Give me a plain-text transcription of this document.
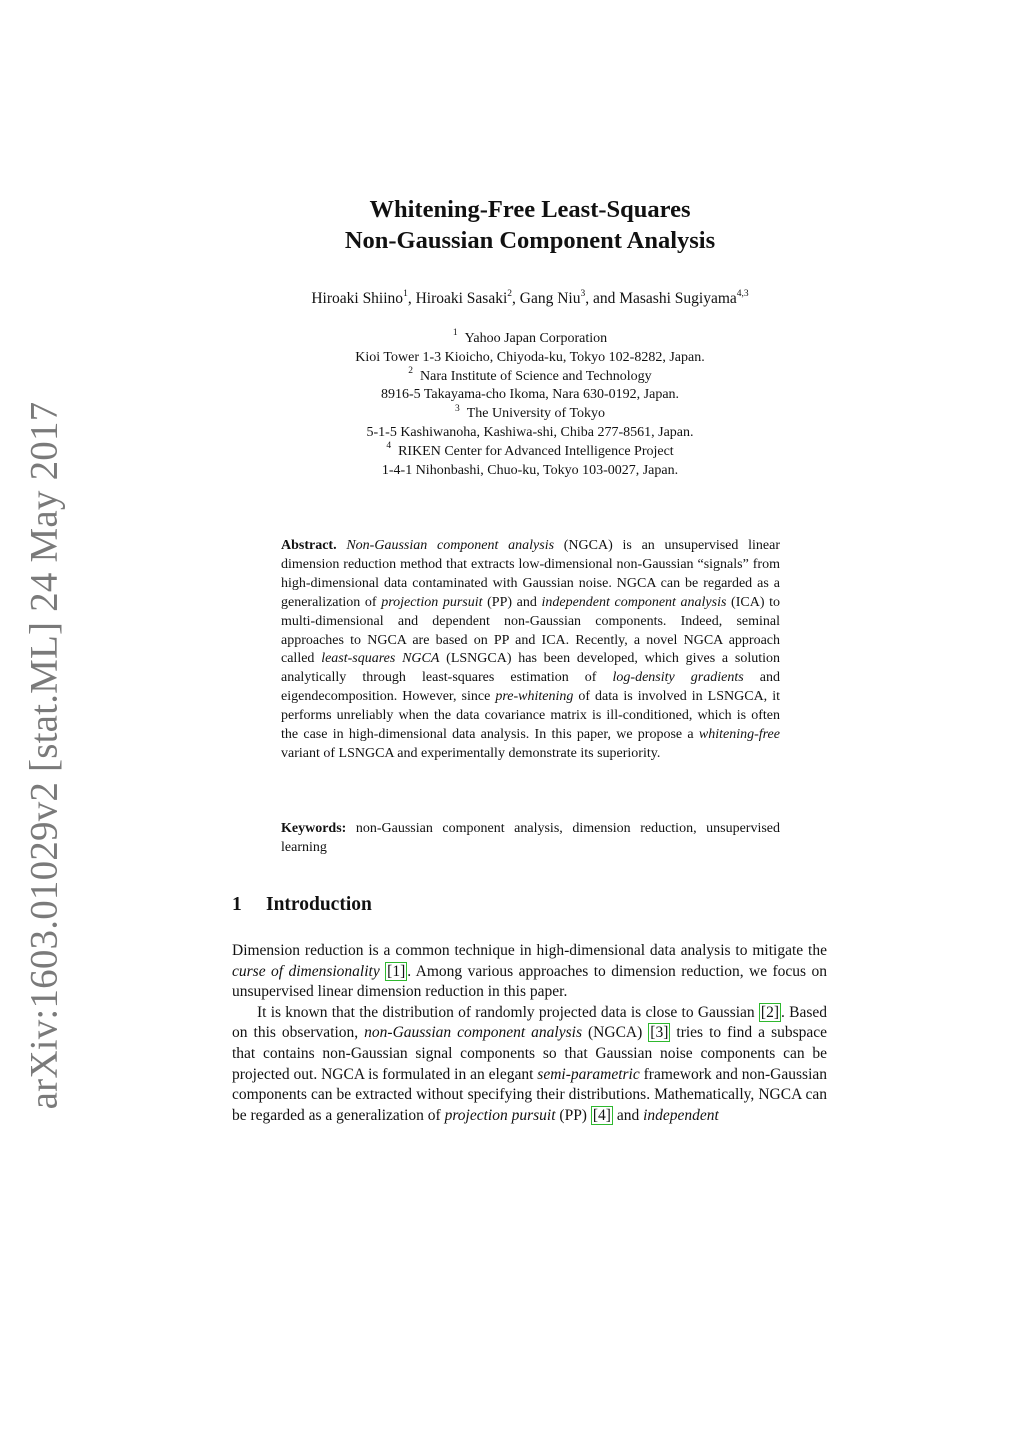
arXiv:1603.01029v2 [stat.ML] 24 May 2017
Whitening-Free Least-Squares
Non-Gaussian Component Analysis
Hiroaki Shiino$^1$, Hiroaki Sasaki$^2$, Gang Niu$^3$, and Masashi Sugiyama$^{4,3}$
$^1$ Yahoo Japan Corporation
Kioi Tower 1-3 Kioicho, Chiyoda-ku, Tokyo 102-8282, Japan.
$^2$ Nara Institute of Science and Technology
8916-5 Takayama-cho Ikoma, Nara 630-0192, Japan.
$^3$ The University of Tokyo
5-1-5 Kashiwanoha, Kashiwa-shi, Chiba 277-8561, Japan.
$^4$ RIKEN Center for Advanced Intelligence Project
1-4-1 Nihonbashi, Chuo-ku, Tokyo 103-0027, Japan.
Abstract. Non-Gaussian component analysis (NGCA) is an unsupervised linear dimension reduction method that extracts low-dimensional non-Gaussian “signals” from high-dimensional data contaminated with Gaussian noise. NGCA can be regarded as a generalization of projection pursuit (PP) and independent component analysis (ICA) to multi-dimensional and dependent non-Gaussian components. Indeed, seminal approaches to NGCA are based on PP and ICA. Recently, a novel NGCA approach called least-squares NGCA (LSNGCA) has been developed, which gives a solution analytically through least-squares estimation of log-density gradients and eigendecomposition. However, since pre-whitening of data is involved in LSNGCA, it performs unreliably when the data covariance matrix is ill-conditioned, which is often the case in high-dimensional data analysis. In this paper, we propose a whitening-free variant of LSNGCA and experimentally demonstrate its superiority.
Keywords: non-Gaussian component analysis, dimension reduction, unsupervised learning
1 Introduction

Dimension reduction is a common technique in high-dimensional data analysis to mitigate the curse of dimensionality [1] . Among various approaches to dimension reduction, we focus on unsupervised linear dimension reduction in this paper.

It is known that the distribution of randomly projected data is close to Gaussian [2] . Based on this observation, non-Gaussian component analysis (NGCA) [3] tries to find a subspace that contains non-Gaussian signal components so that Gaussian noise components can be projected out. NGCA is formulated in an elegant semi-parametric framework and non-Gaussian components can be extracted without specifying their distributions. Mathematically, NGCA can be regarded as a generalization of projection pursuit (PP) [4] and independent
